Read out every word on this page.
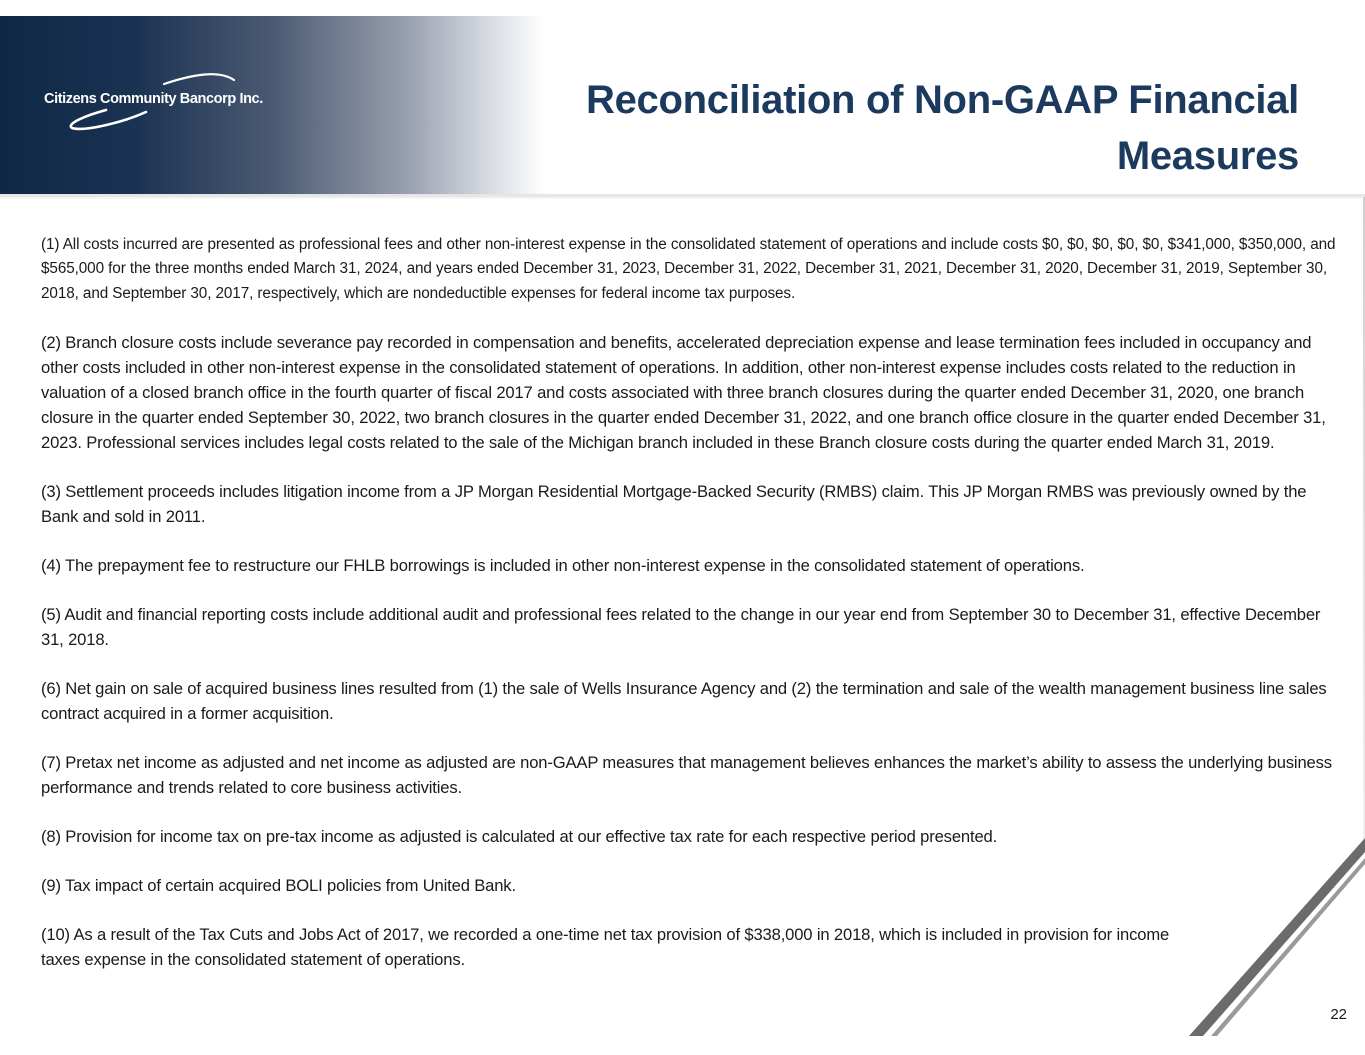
Citizens Community Bancorp Inc.	Reconciliation of Non-GAAP Financial Measures

(1) All costs incurred are presented as professional fees and other non-interest expense in the consolidated statement of operations and include costs $0, $0, $0, $0, $0, $341,000, $350,000, and $565,000 for the three months ended March 31, 2024, and years ended December 31, 2023, December 31, 2022, December 31, 2021, December 31, 2020, December 31, 2019, September 30, 2018, and September 30, 2017, respectively, which are nondeductible expenses for federal income tax purposes.

(2) Branch closure costs include severance pay recorded in compensation and benefits, accelerated depreciation expense and lease termination fees included in occupancy and other costs included in other non-interest expense in the consolidated statement of operations. In addition, other non-interest expense includes costs related to the reduction in valuation of a closed branch office in the fourth quarter of fiscal 2017 and costs associated with three branch closures during the quarter ended December 31, 2020, one branch closure in the quarter ended September 30, 2022, two branch closures in the quarter ended December 31, 2022, and one branch office closure in the quarter ended December 31, 2023. Professional services includes legal costs related to the sale of the Michigan branch included in these Branch closure costs during the quarter ended March 31, 2019.

(3) Settlement proceeds includes litigation income from a JP Morgan Residential Mortgage-Backed Security (RMBS) claim. This JP Morgan RMBS was previously owned by the Bank and sold in 2011.

(4) The prepayment fee to restructure our FHLB borrowings is included in other non-interest expense in the consolidated statement of operations.

(5) Audit and financial reporting costs include additional audit and professional fees related to the change in our year end from September 30 to December 31, effective December 31, 2018.

(6) Net gain on sale of acquired business lines resulted from (1) the sale of Wells Insurance Agency and (2) the termination and sale of the wealth management business line sales contract acquired in a former acquisition.

(7) Pretax net income as adjusted and net income as adjusted are non-GAAP measures that management believes enhances the market’s ability to assess the underlying business performance and trends related to core business activities.

(8) Provision for income tax on pre-tax income as adjusted is calculated at our effective tax rate for each respective period presented.

(9) Tax impact of certain acquired BOLI policies from United Bank.

(10) As a result of the Tax Cuts and Jobs Act of 2017, we recorded a one-time net tax provision of $338,000 in 2018, which is included in provision for income taxes expense in the consolidated statement of operations.

22
